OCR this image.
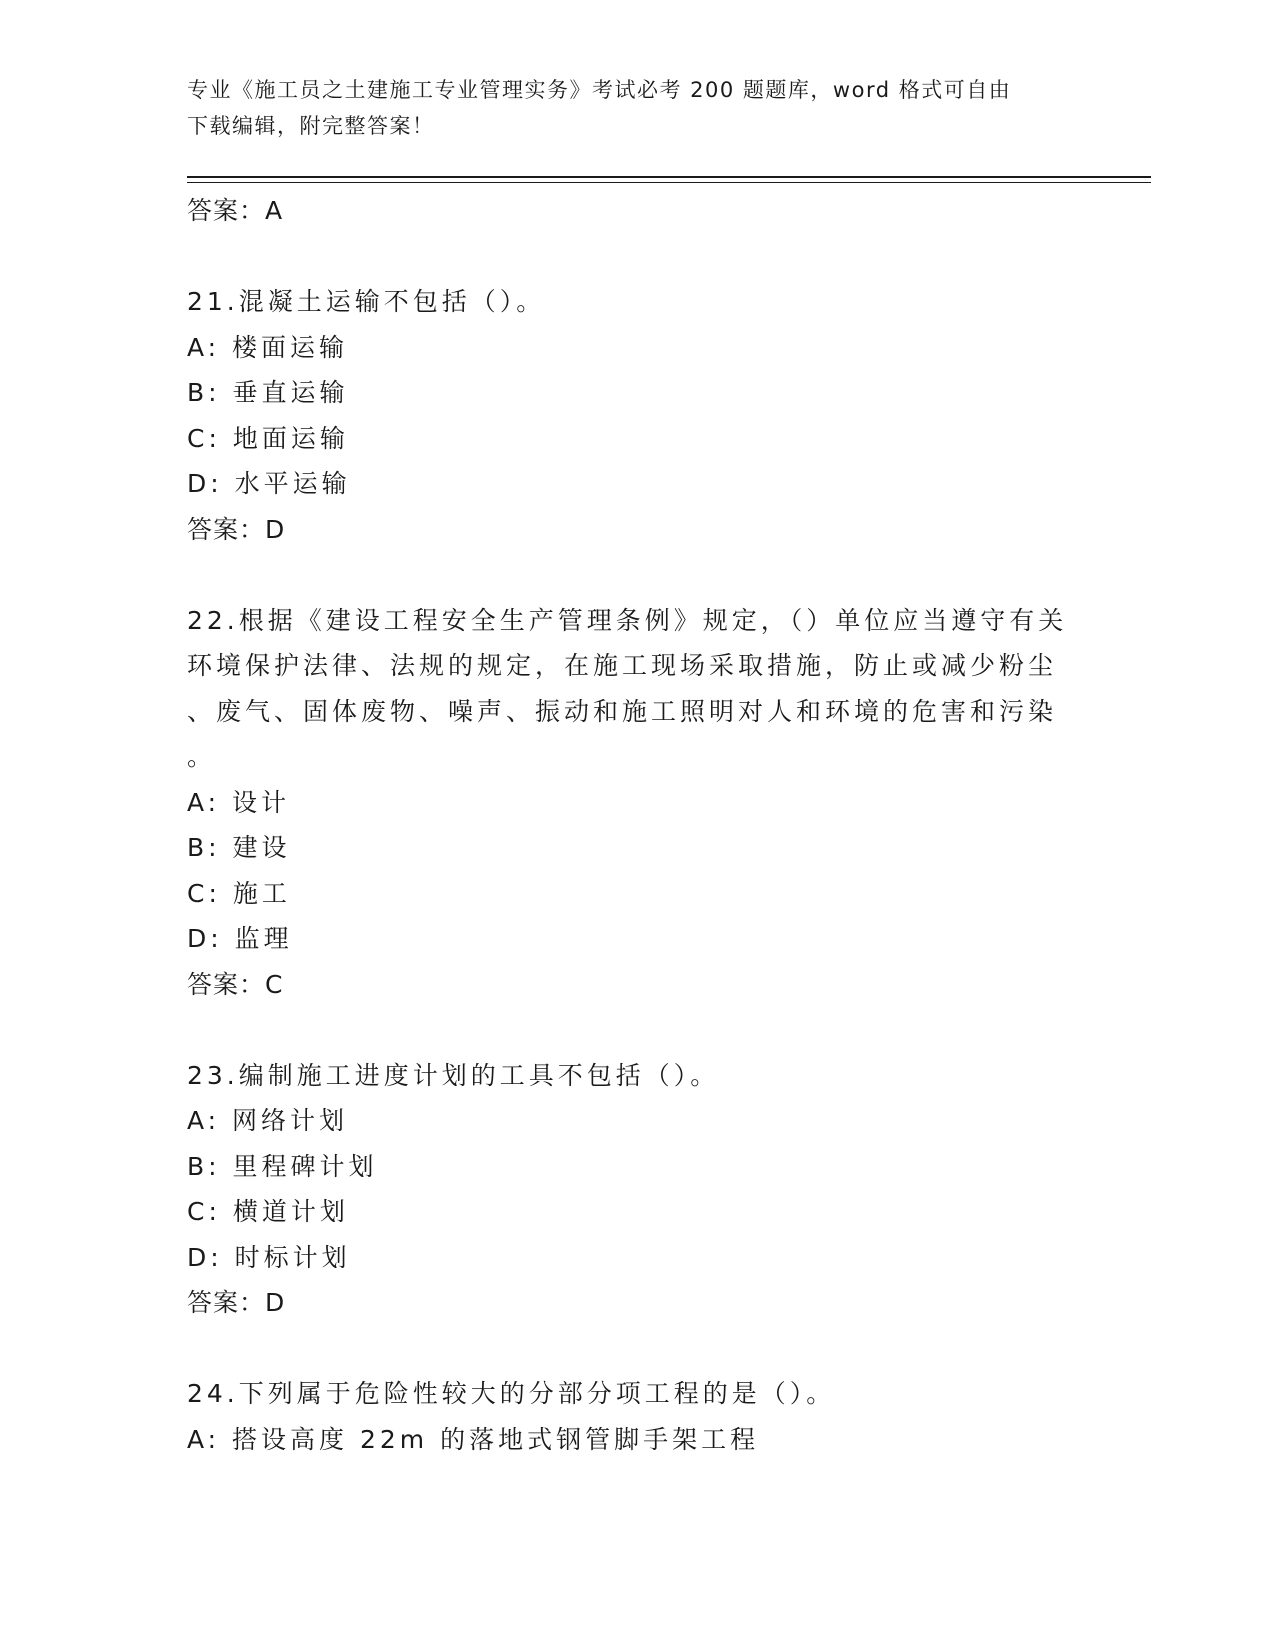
专业《施工员之土建施工专业管理实务》考试必考 200 题题库，word 格式可自由
下载编辑，附完整答案！
答案：A
21.混凝土运输不包括（）。
A: 楼面运输
B: 垂直运输
C: 地面运输
D: 水平运输
答案：D
22.根据《建设工程安全生产管理条例》规定，（）单位应当遵守有关
环境保护法律、法规的规定，在施工现场采取措施，防止或减少粉尘
、废气、固体废物、噪声、振动和施工照明对人和环境的危害和污染
。
A: 设计
B: 建设
C: 施工
D: 监理
答案：C
23.编制施工进度计划的工具不包括（）。
A: 网络计划
B: 里程碑计划
C: 横道计划
D: 时标计划
答案：D
24.下列属于危险性较大的分部分项工程的是（）。
A: 搭设高度 22m 的落地式钢管脚手架工程
